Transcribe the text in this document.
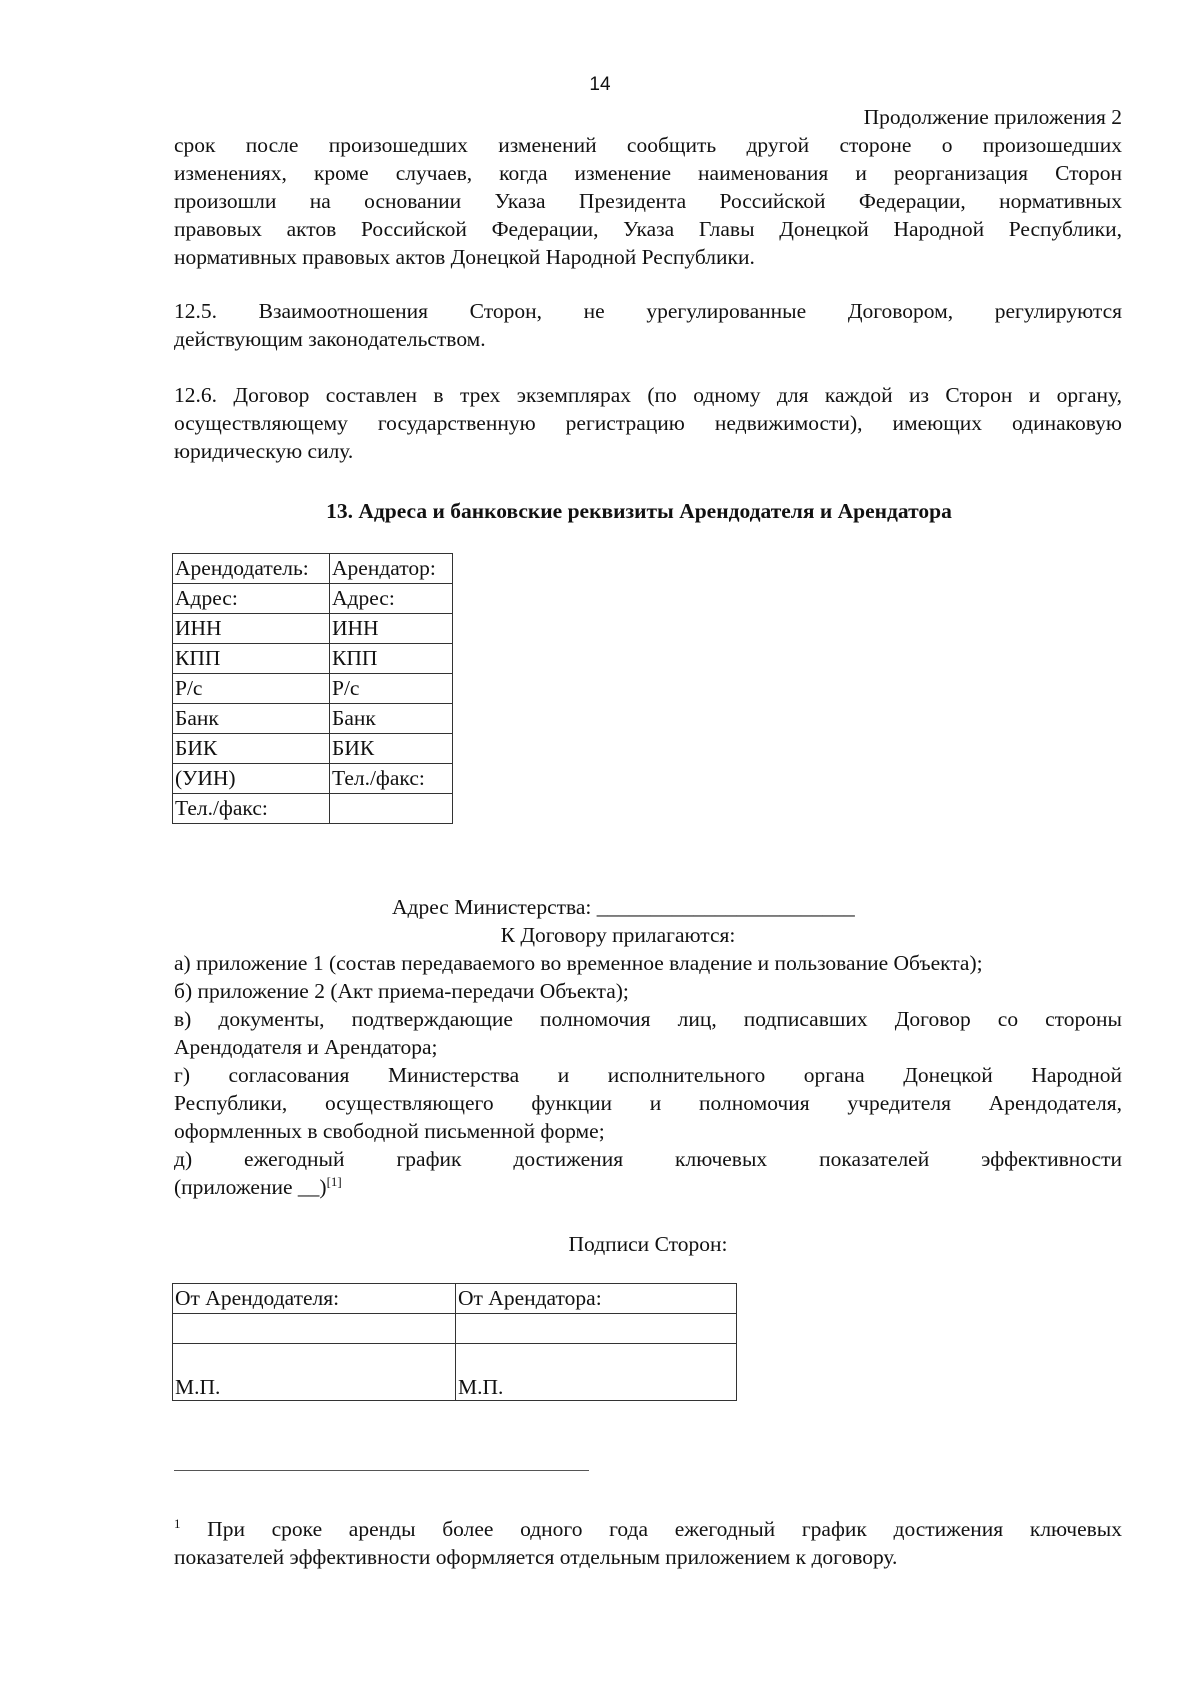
14
Продолжение приложения 2
срок после произошедших изменений сообщить другой стороне о произошедших
изменениях, кроме случаев, когда изменение наименования и реорганизация Сторон
произошли на основании Указа Президента Российской Федерации, нормативных
правовых актов Российской Федерации, Указа Главы Донецкой Народной Республики,
нормативных правовых актов Донецкой Народной Республики.
12.5. Взаимоотношения Сторон, не урегулированные Договором, регулируются
действующим законодательством.
12.6. Договор составлен в трех экземплярах (по одному для каждой из Сторон и органу,
осуществляющему государственную регистрацию недвижимости), имеющих одинаковую
юридическую силу.
13. Адреса и банковские реквизиты Арендодателя и Арендатора
Арендодатель:	Арендатор:
Адрес:	Адрес:
ИНН	ИНН
КПП	КПП
Р/с	Р/с
Банк	Банк
БИК	БИК
(УИН)	Тел./факс:
Тел./факс:	
Адрес Министерства: ________________________
К Договору прилагаются:
а) приложение 1 (состав передаваемого во временное владение и пользование Объекта);
б) приложение 2 (Акт приема-передачи Объекта);
в) документы, подтверждающие полномочия лиц, подписавших Договор со стороны
Арендодателя и Арендатора;
г) согласования Министерства и исполнительного органа Донецкой Народной
Республики, осуществляющего функции и полномочия учредителя Арендодателя,
оформленных в свободной письменной форме;
д) ежегодный график достижения ключевых показателей эффективности
(приложение __)[1]
Подписи Сторон:
От Арендодателя:	От Арендатора:

М.П.	М.П.
$^1$ При сроке аренды более одного года ежегодный график достижения ключевых
показателей эффективности оформляется отдельным приложением к договору.
